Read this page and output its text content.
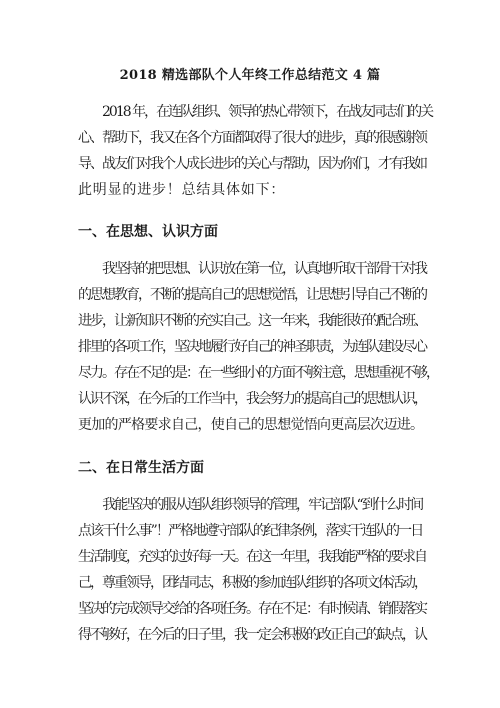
2018 精选部队个人年终工作总结范文 4 篇
　　2018 年，在连队组织、领导的热心带领下，在战友同志们的关
心、帮助下，我又在各个方面都取得了很大的进步，真的很感谢领
导、战友们对我个人成长进步的关心与帮助，因为你们，才有我如
此明显的进步！总结具体如下：
一、在思想、认识方面
　　我坚持的把思想、认识放在第一位，认真地听取干部骨干对我
的思想教育，不断的提高自己的思想觉悟，让思想引导自己不断的
进步，让新知识不断的充实自己。这一年来，我能很好的配合班、
排里的各项工作，坚决地履行好自己的神圣职责，为连队建设尽心
尽力。存在不足的是：在一些细小的方面不够注意，思想重视不够，
认识不深，在今后的工作当中，我会努力的提高自己的思想认识，
更加的严格要求自己，使自己的思想觉悟向更高层次迈进。
二、在日常生活方面
　　我能坚决的服从连队组织领导的管理，牢记部队“到什么时间
点该干什么事”！严格地遵守部队的纪律条例，落实干连队的一日
生活制度，充实的过好每一天。在这一年里，我我能严格的要求自
己，尊重领导，团结同志，积极的参加连队组织的各项文体活动，
坚决的完成领导交给的各项任务。存在不足：有时候请、销假落实
得不够好，在今后的日子里，我一定会积极的改正自己的缺点，认
